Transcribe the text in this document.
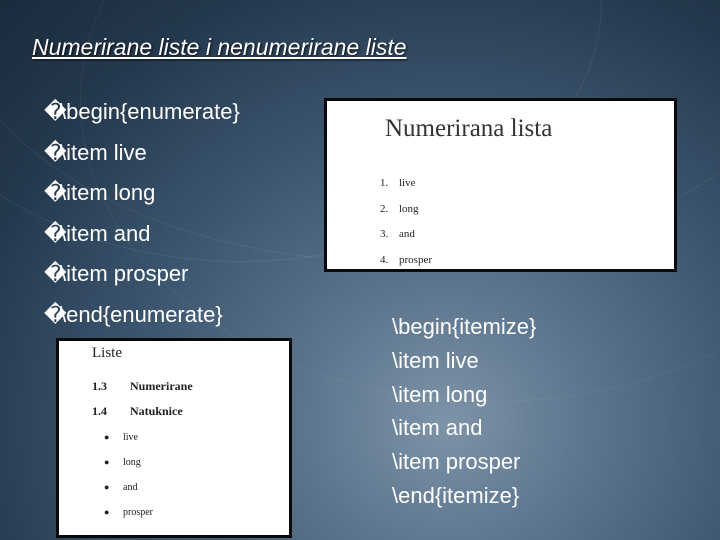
Numerirane liste i nenumerirane liste
�\begin{enumerate}
�\item live
�\item long
�\item and
�\item prosper
�\end{enumerate}
Numerirana lista
1. live
2. long
3. and
4. prosper
Liste
1.3 Numerirane
1.4 Natuknice
● live
● long
● and
● prosper
\begin{itemize}
\item live
\item long
\item and
\item prosper
\end{itemize}
